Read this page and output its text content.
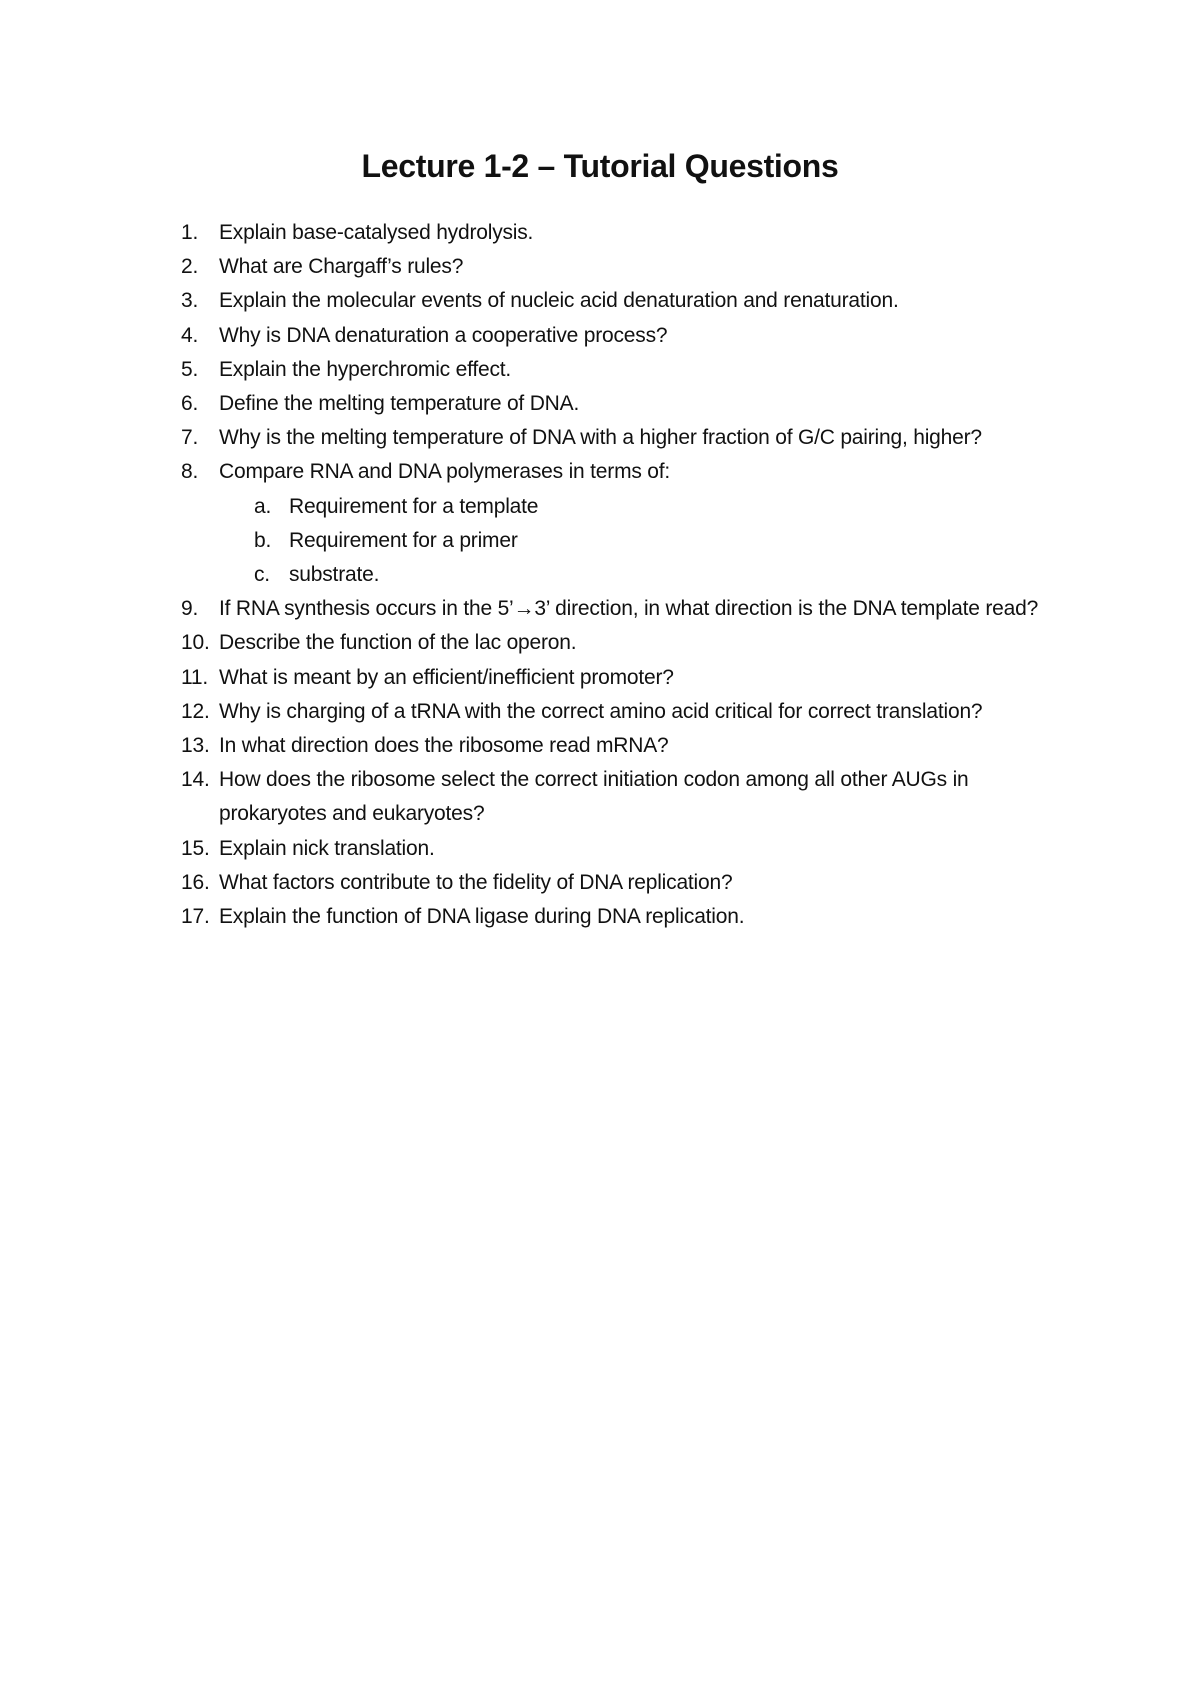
Lecture 1-2 – Tutorial Questions
1. Explain base-catalysed hydrolysis.
2. What are Chargaff’s rules?
3. Explain the molecular events of nucleic acid denaturation and renaturation.
4. Why is DNA denaturation a cooperative process?
5. Explain the hyperchromic effect.
6. Define the melting temperature of DNA.
7. Why is the melting temperature of DNA with a higher fraction of G/C pairing, higher?
8. Compare RNA and DNA polymerases in terms of:
a. Requirement for a template
b. Requirement for a primer
c. substrate.
9. If RNA synthesis occurs in the 5’→3’ direction, in what direction is the DNA template read?
10. Describe the function of the lac operon.
11. What is meant by an efficient/inefficient promoter?
12. Why is charging of a tRNA with the correct amino acid critical for correct translation?
13. In what direction does the ribosome read mRNA?
14. How does the ribosome select the correct initiation codon among all other AUGs in prokaryotes and eukaryotes?
15. Explain nick translation.
16. What factors contribute to the fidelity of DNA replication?
17. Explain the function of DNA ligase during DNA replication.
